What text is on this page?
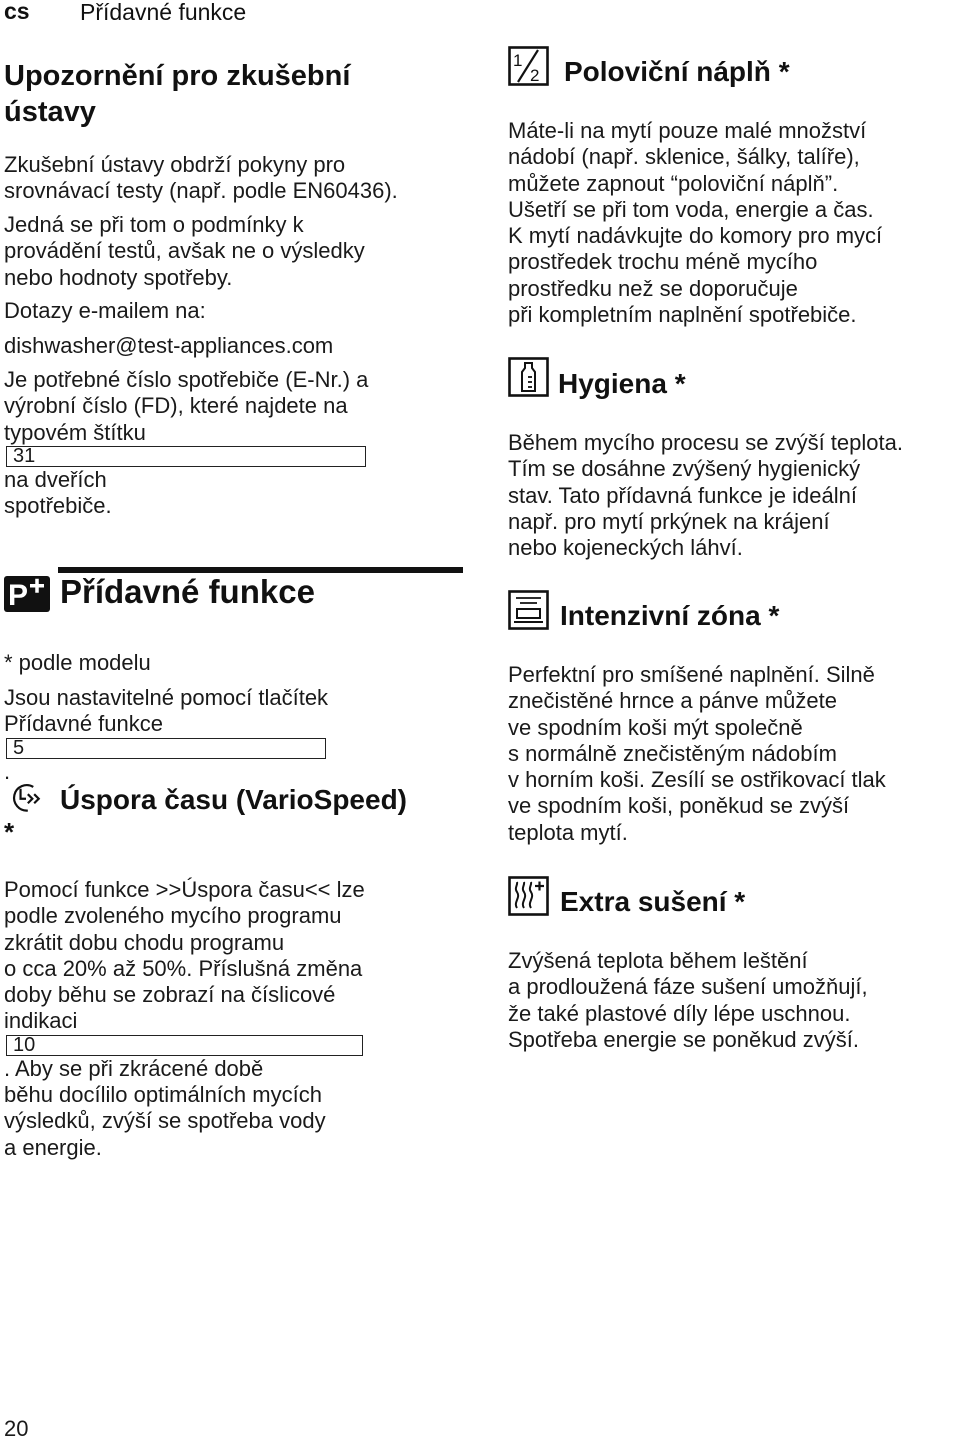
cs Přídavné funkce
Upozornění pro zkušební
ústavy
Zkušební ústavy obdrží pokyny pro
srovnávací testy (např. podle EN60436).
Jedná se při tom o podmínky k
provádění testů, avšak ne o výsledky
nebo hodnoty spotřeby.
Dotazy e-mailem na:
dishwasher@test-appliances.com
Je potřebné číslo spotřebiče (E-Nr.) a
výrobní číslo (FD), které najdete na
typovém štítku
31
na dveřích
spotřebiče.
P Přídavné funkce
* podle modelu
Jsou nastavitelné pomocí tlačítek
Přídavné funkce
5
.
Úspora času (VarioSpeed)
*
Pomocí funkce >>Úspora času<< lze
podle zvoleného mycího programu
zkrátit dobu chodu programu
o cca 20% až 50%. Příslušná změna
doby běhu se zobrazí na číslicové
indikaci
10
. Aby se při zkrácené době
běhu docílilo optimálních mycích
výsledků, zvýší se spotřeba vody
a energie.
1
2 Poloviční náplň *
Máte-li na mytí pouze malé množství
nádobí (např. sklenice, šálky, talíře),
můžete zapnout “poloviční náplň”.
Ušetří se při tom voda, energie a čas.
K mytí nadávkujte do komory pro mycí
prostředek trochu méně mycího
prostředku než se doporučuje
při kompletním naplnění spotřebiče.
Hygiena *
Během mycího procesu se zvýší teplota.
Tím se dosáhne zvýšený hygienický
stav. Tato přídavná funkce je ideální
např. pro mytí prkýnek na krájení
nebo kojeneckých láhví.
Intenzivní zóna *
Perfektní pro smíšené naplnění. Silně
znečistěné hrnce a pánve můžete
ve spodním koši mýt společně
s normálně znečistěným nádobím
v horním koši. Zesílí se ostřikovací tlak
ve spodním koši, poněkud se zvýší
teplota mytí.
Extra sušení *
Zvýšená teplota během leštění
a prodloužená fáze sušení umožňují,
že také plastové díly lépe uschnou.
Spotřeba energie se poněkud zvýší.
20
